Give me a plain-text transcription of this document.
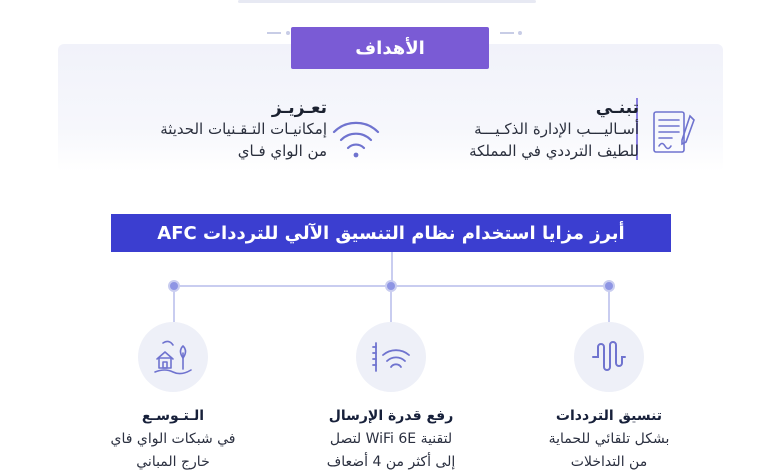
الأهداف
تبنـي
أسـاليـــب الإدارة الذكـيـــة
للطيف الترددي في المملكة
تعـزيـز
إمكانيـات التـقـنيات الحديثة
من الواي فـاي
أبرز مزايا استخدام نظام التنسيق الآلي للترددات AFC
تنسيق الترددات
بشكل تلقائي للحماية
من التداخلات
رفع قدرة الإرسال
لتقنية WiFi 6E لتصل
إلى أكثر من 4 أضعاف
الـتـوسـع
في شبكات الواي فاي
خارج المباني
